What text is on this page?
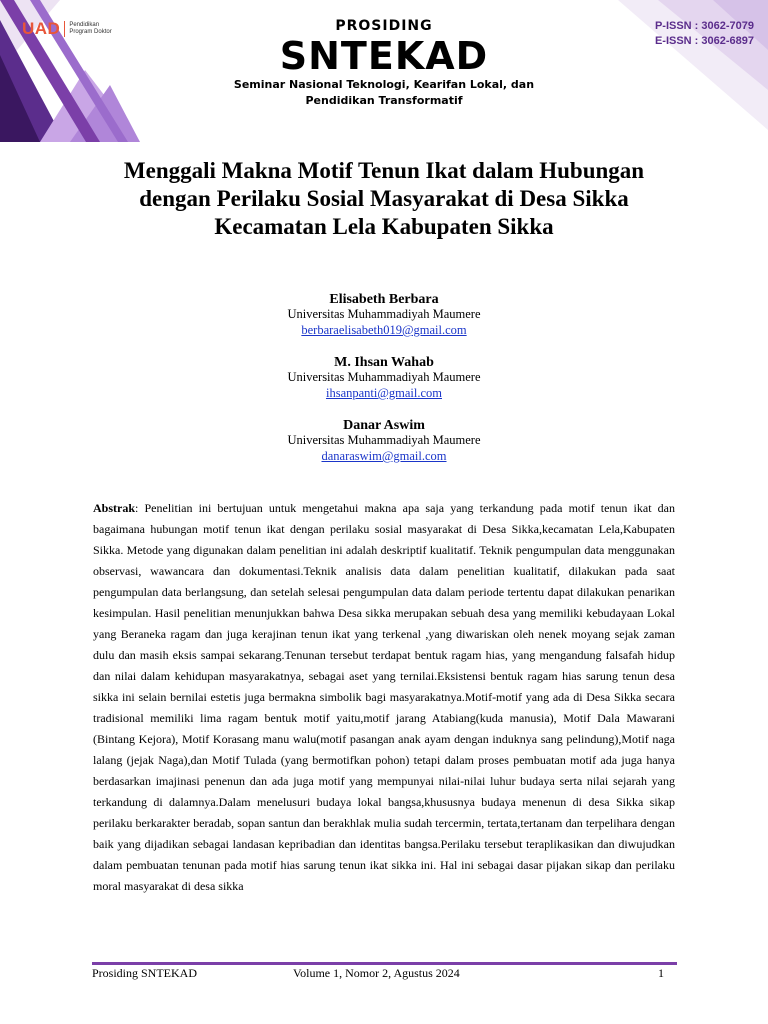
UAD Pendidikan
Program Doktor	PROSIDING
SNTEKAD
Seminar Nasional Teknologi, Kearifan Lokal, dan
Pendidikan Transformatif
P-ISSN : 3062-7079
E-ISSN : 3062-6897
Menggali Makna Motif Tenun Ikat dalam Hubungan
dengan Perilaku Sosial Masyarakat di Desa Sikka
Kecamatan Lela Kabupaten Sikka
Elisabeth Berbara
Universitas Muhammadiyah Maumere
berbaraelisabeth019@gmail.com
M. Ihsan Wahab
Universitas Muhammadiyah Maumere
ihsanpanti@gmail.com
Danar Aswim
Universitas Muhammadiyah Maumere
danaraswim@gmail.com
Abstrak: Penelitian ini bertujuan untuk mengetahui makna apa saja yang terkandung pada motif tenun ikat dan bagaimana hubungan motif tenun ikat dengan perilaku sosial masyarakat di Desa Sikka,kecamatan Lela,Kabupaten Sikka. Metode yang digunakan dalam penelitian ini adalah deskriptif kualitatif. Teknik pengumpulan data menggunakan observasi, wawancara dan dokumentasi.Teknik analisis data dalam penelitian kualitatif, dilakukan pada saat pengumpulan data berlangsung, dan setelah selesai pengumpulan data dalam periode tertentu dapat dilakukan penarikan kesimpulan. Hasil penelitian menunjukkan bahwa Desa sikka merupakan sebuah desa yang memiliki kebudayaan Lokal yang Beraneka ragam dan juga kerajinan tenun ikat yang terkenal ,yang diwariskan oleh nenek moyang sejak zaman dulu dan masih eksis sampai sekarang.Tenunan tersebut terdapat bentuk ragam hias, yang mengandung falsafah hidup dan nilai dalam kehidupan masyarakatnya, sebagai aset yang ternilai.Eksistensi bentuk ragam hias sarung tenun desa sikka ini selain bernilai estetis juga bermakna simbolik bagi masyarakatnya.Motif-motif yang ada di Desa Sikka secara tradisional memiliki lima ragam bentuk motif yaitu,motif jarang Atabiang(kuda manusia), Motif Dala Mawarani (Bintang Kejora), Motif Korasang manu walu(motif pasangan anak ayam dengan induknya sang pelindung),Motif naga lalang (jejak Naga),dan Motif Tulada (yang bermotifkan pohon) tetapi dalam proses pembuatan motif ada juga hanya berdasarkan imajinasi penenun dan ada juga motif yang mempunyai nilai-nilai luhur budaya serta nilai sejarah yang terkandung di dalamnya.Dalam menelusuri budaya lokal bangsa,khususnya budaya menenun di desa Sikka sikap perilaku berkarakter beradab, sopan santun dan berakhlak mulia sudah tercermin, tertata,tertanam dan terpelihara dengan baik yang dijadikan sebagai landasan kepribadian dan identitas bangsa.Perilaku tersebut teraplikasikan dan diwujudkan dalam pembuatan tenunan pada motif hias sarung tenun ikat sikka ini. Hal ini sebagai dasar pijakan sikap dan perilaku moral masyarakat di desa sikka
Prosiding SNTEKAD	Volume 1, Nomor 2, Agustus 2024	1
